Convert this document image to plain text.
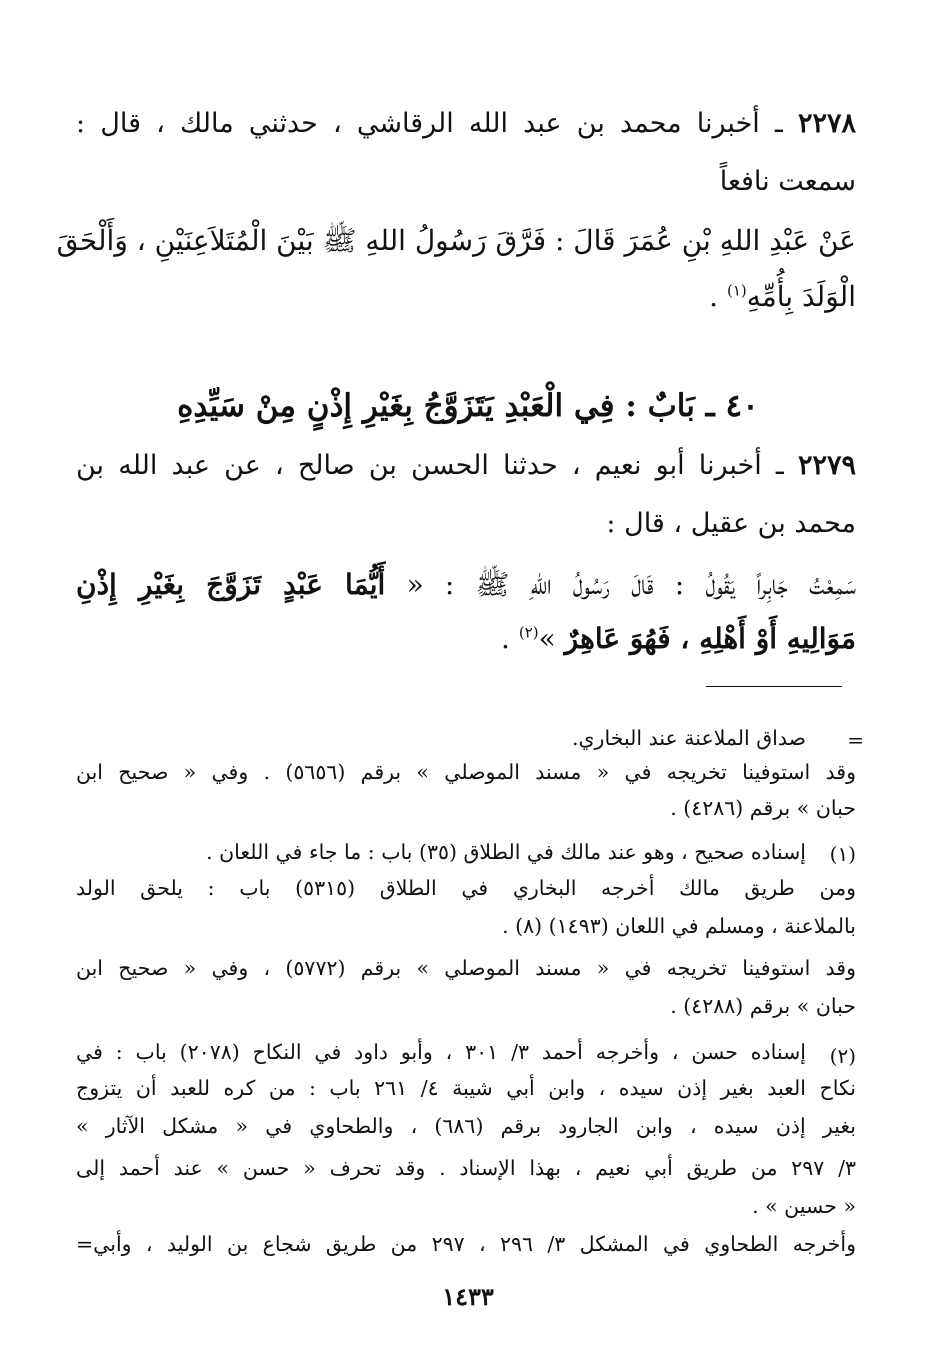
٢٢٧٨ ـ أخبرنا محمد بن عبد الله الرقاشي ، حدثني مالك ، قال :
سمعت نافعاً
عَنْ عَبْدِ اللهِ بْنِ عُمَرَ قَالَ : فَرَّقَ رَسُولُ اللهِ ﷺ بَيْنَ الْمُتَلاَعِنَيْنِ ، وَأَلْحَقَ
الْوَلَدَ بِأُمِّهِ$^{(١)}$ .
٤٠ ـ بَابٌ : فِي الْعَبْدِ يَتَزَوَّجُ بِغَيْرِ إِذْنٍ مِنْ سَيِّدِهِ
٢٢٧٩ ـ أخبرنا أبو نعيم ، حدثنا الحسن بن صالح ، عن عبد الله بن
محمد بن عقيل ، قال :
سَمِعْتُ جَابِراً يَقُولُ : قَالَ رَسُولُ اللهِ ﷺ : « أَيُّمَا عَبْدٍ تَزَوَّجَ بِغَيْرِ إِذْنِ
مَوَالِيهِ أَوْ أَهْلِهِ ، فَهُوَ عَاهِرٌ »$^{(٢)}$ .
=
صداق الملاعنة عند البخاري.
وقد استوفينا تخريجه في « مسند الموصلي » برقم (٥٦٥٦) . وفي « صحيح ابن
حبان » برقم (٤٢٨٦) .
(١)
إسناده صحيح ، وهو عند مالك في الطلاق (٣٥) باب : ما جاء في اللعان .
ومن طريق مالك أخرجه البخاري في الطلاق (٥٣١٥) باب : يلحق الولد
بالملاعنة ، ومسلم في اللعان (١٤٩٣) (٨) .
وقد استوفينا تخريجه في « مسند الموصلي » برقم (٥٧٧٢) ، وفي « صحيح ابن
حبان » برقم (٤٢٨٨) .
(٢)
إسناده حسن ، وأخرجه أحمد ٣/ ٣٠١ ، وأبو داود في النكاح (٢٠٧٨) باب : في
نكاح العبد بغير إذن سيده ، وابن أبي شيبة ٤/ ٢٦١ باب : من كره للعبد أن يتزوج
بغير إذن سيده ، وابن الجارود برقم (٦٨٦) ، والطحاوي في « مشكل الآثار »
٣/ ٢٩٧ من طريق أبي نعيم ، بهذا الإسناد . وقد تحرف « حسن » عند أحمد إلى
« حسين » .
وأخرجه الطحاوي في المشكل ٣/ ٢٩٦ ، ٢٩٧ من طريق شجاع بن الوليد ، وأبي=
١٤٣٣
